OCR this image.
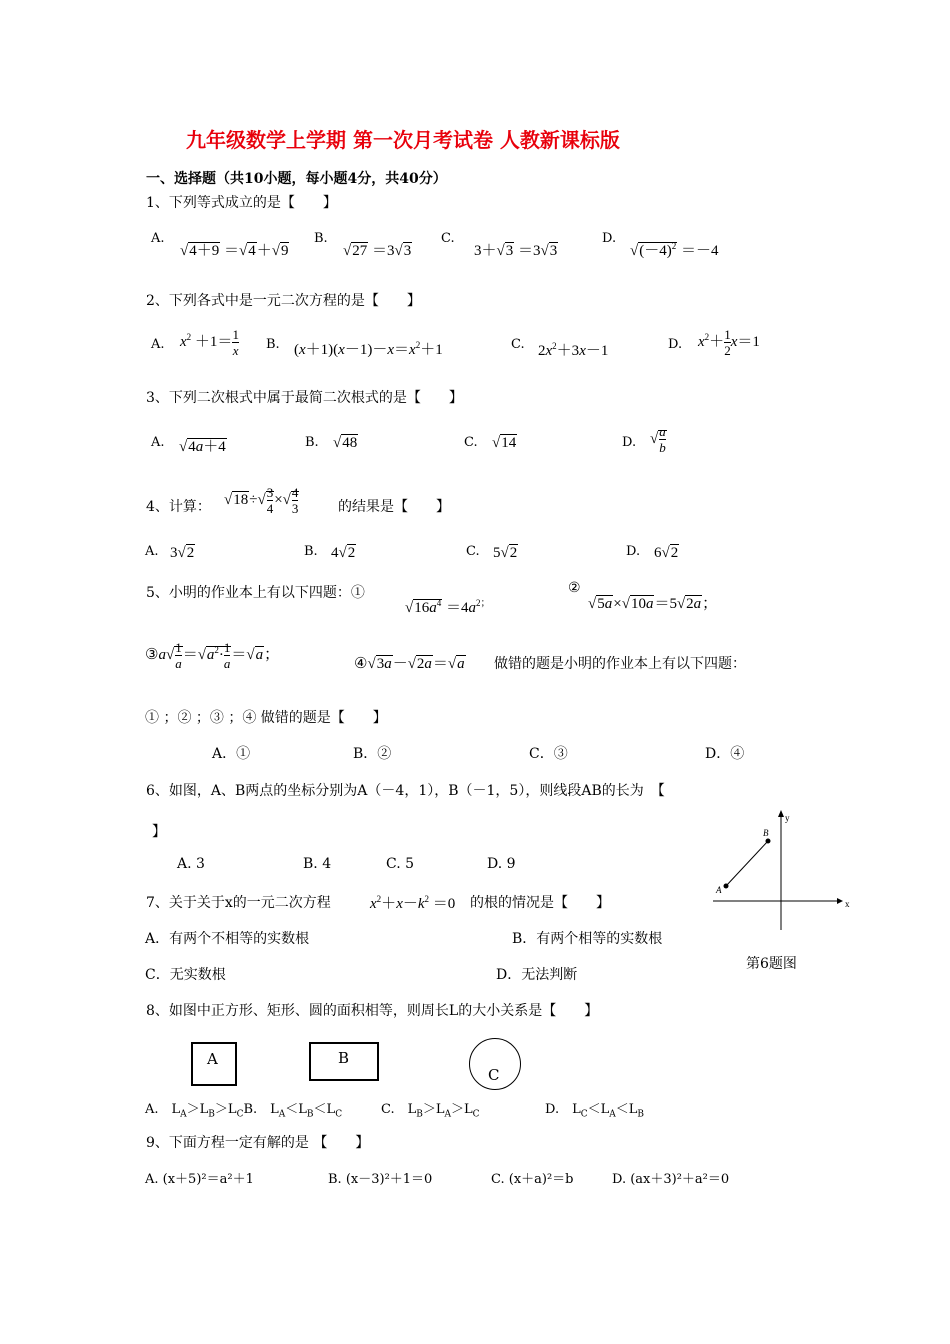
九年级数学上学期 第一次月考试卷 人教新课标版
一、选择题（共10小题，每小题4分，共40分）
1、下列等式成立的是【　　】
A.
√4＋9 ＝√4＋√9
B.
√27 ＝3√3
C.
3＋√3 ＝3√3
D.
$√(-4)^2 =-4$
2、下列各式中是一元二次方程的是【　　】
A. $x^2 +1= \frac{1}{x} B$. $(x+1)(x-1)-x=x^2+1$	C. $2x^2+3x-1$	D. $x^2+ \frac{1}{2} x=1$
3、下列二次根式中属于最简二次根式的是【　　】
A. √4a＋4	B. √48	C. √14	D. √ $\frac{a}{b}$
4、计算： $√18\div√ \frac{3}{4}$ ×√ $\frac{4}{3}$	的结果是【　　】
A. 3√2	B. 4√2	C. 5√2	D. 6√2
5、小明的作业本上有以下四题：①
$√16a^4 =4a^{2;}$
②
√5a×√10a＝5√2a；
③a√ $\frac{1}{a} =√a^2\cdot \frac{1}{a} =√a$；
④√3a－√2a＝√a 做错的题是小明的作业本上有以下四题：
① ；② ；③ ；④ 做错的题是【　　】
A．①	B．②	C．③	D．④
6、如图，A、B两点的坐标分别为A（－4，1），B（－1，5），则线段AB的长为　【
】
A. 3	B. 4	C. 5	D. 9
A
B
x
y
第6题图
7、关于关于x的一元二次方程	$x^2+x-k^2 =0$ 的根的情况是【　　】
A．有两个不相等的实数根	B．有两个相等的实数根
C．无实数根	D．无法判断
8、如图中正方形、矩形、圆的面积相等，则周长L的大小关系是【　　】
A	B
C
A.　$L_A>L_B>L_CB$.　$L_A<L_B<L_C$	C.　$L_B>L_A>L_C$	D.　$L_C<L_A<L_B$
9、下面方程一定有解的是 【　　】
A. (x＋5)²＝a²＋1	B. (x－3)²＋1＝0	C. (x＋a)²＝b	D. (ax＋3)²＋a²＝0
